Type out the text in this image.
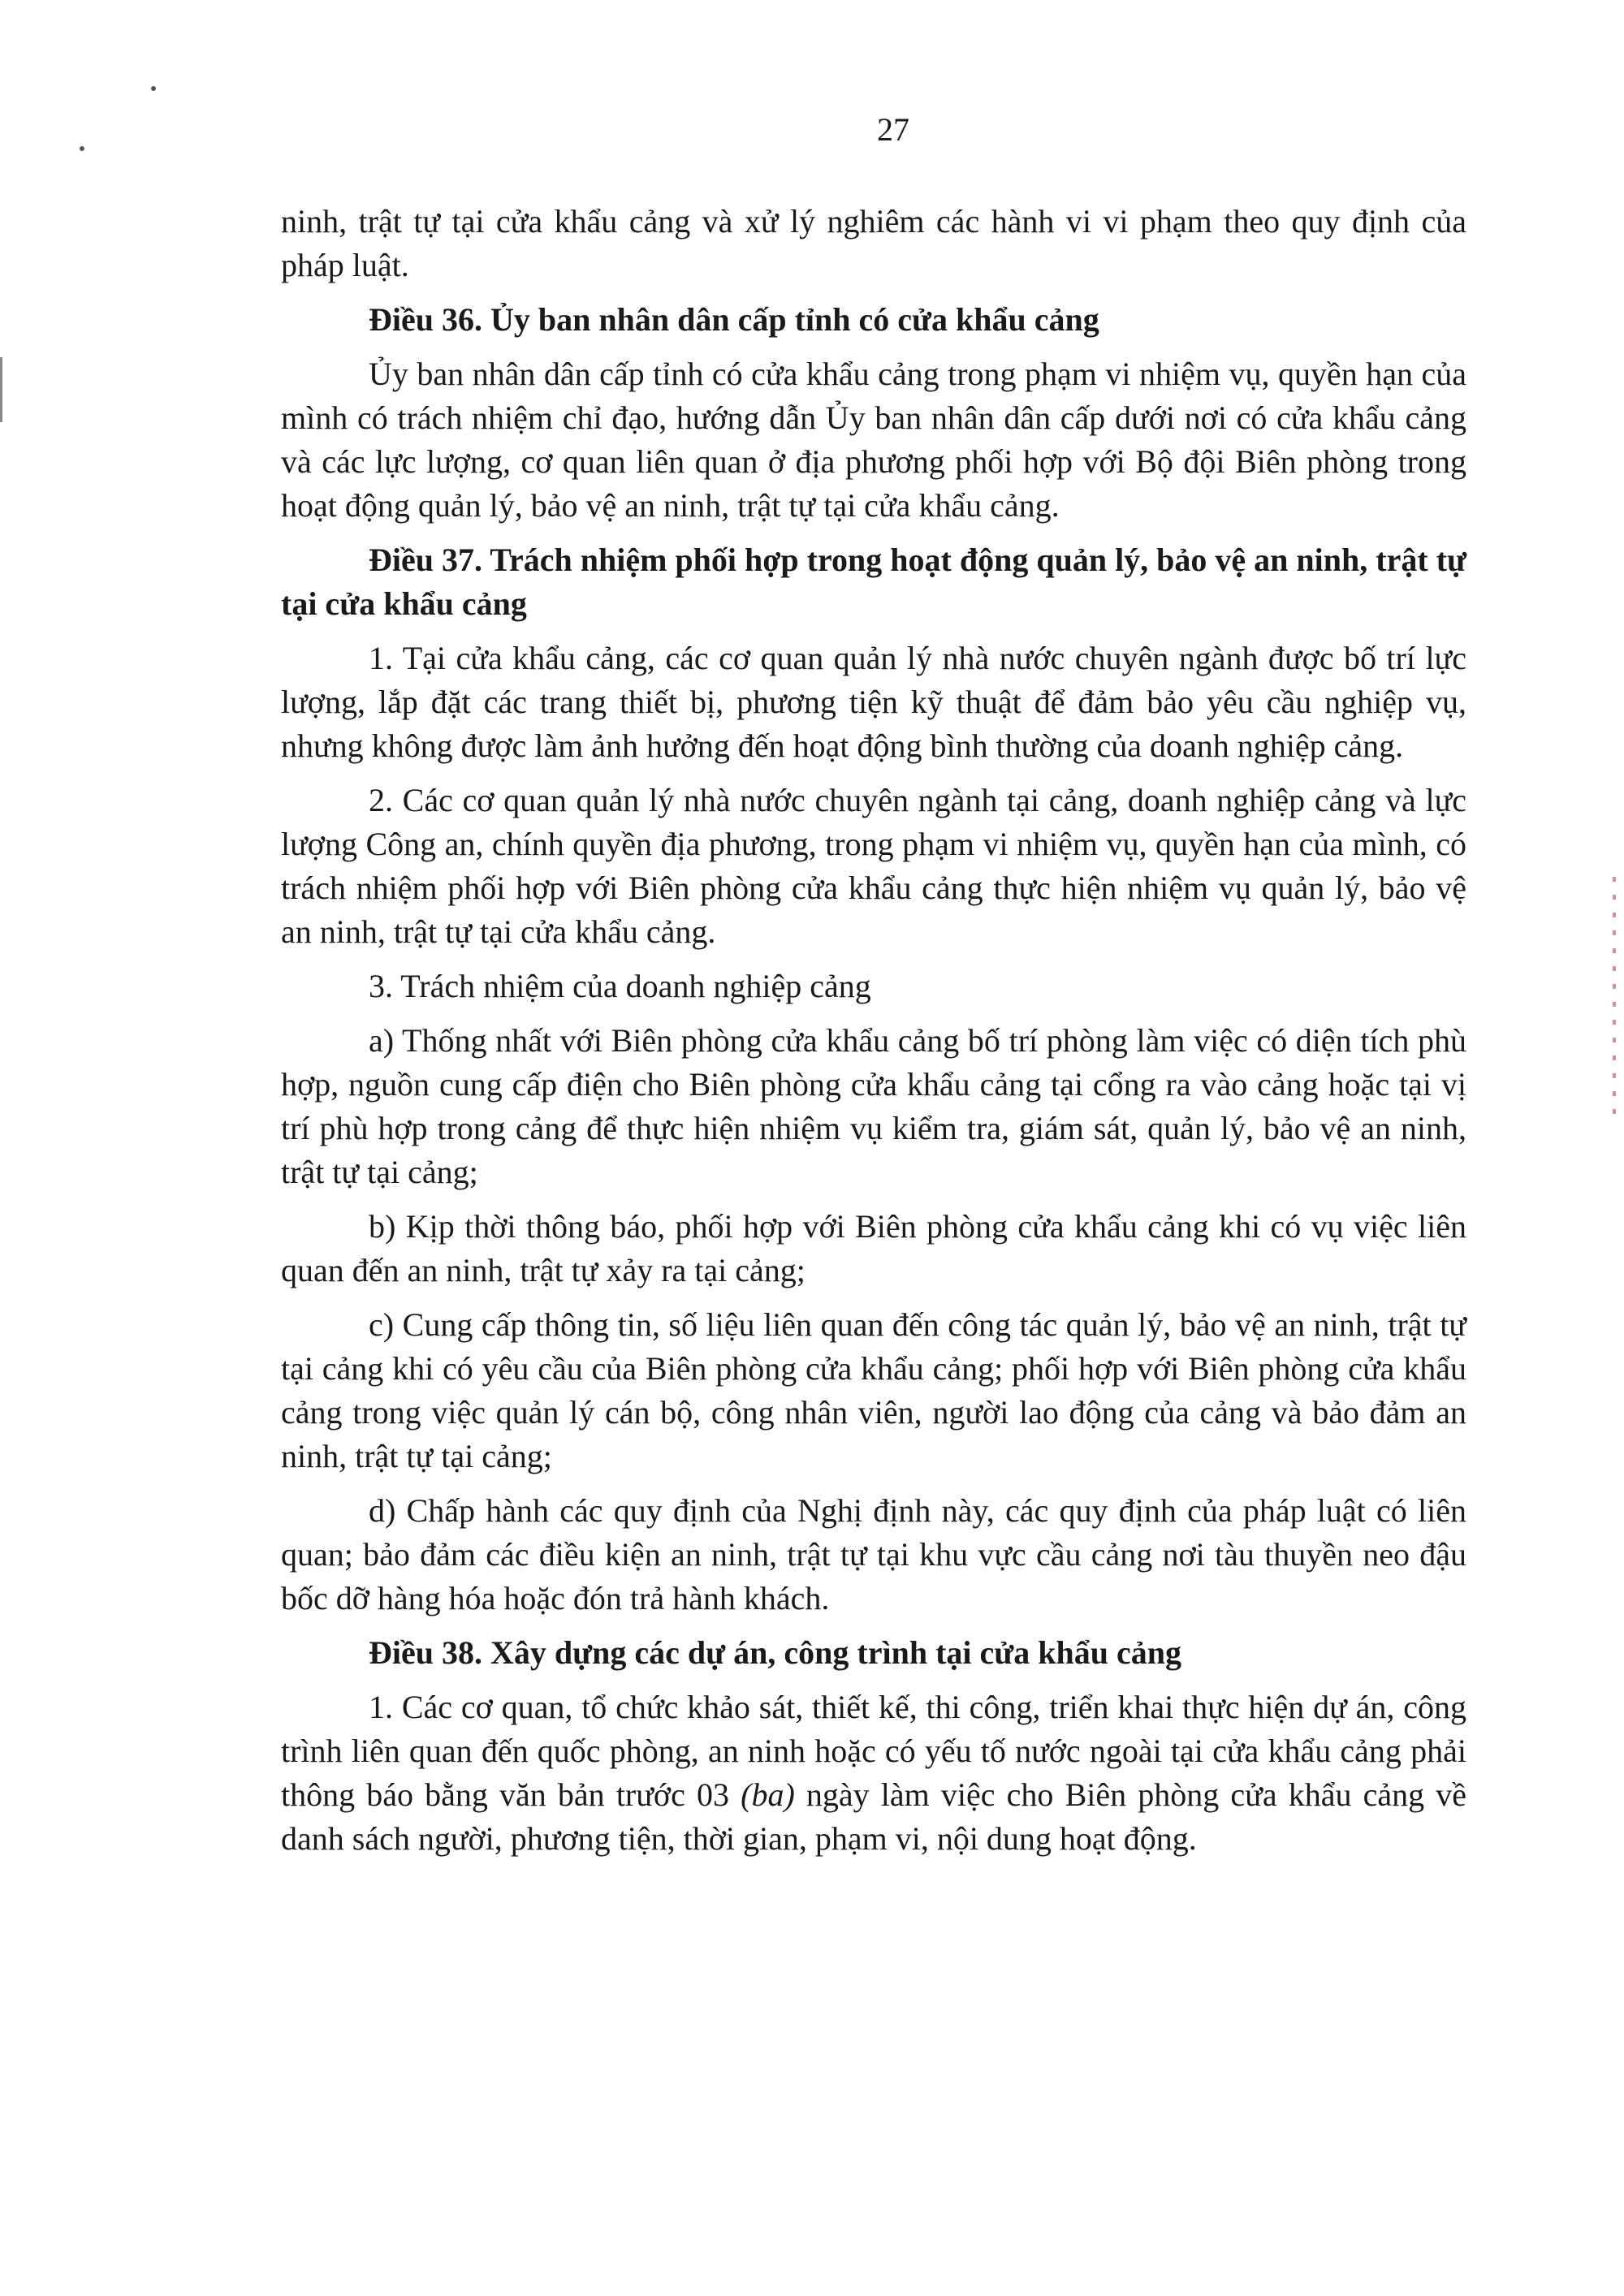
27

ninh, trật tự tại cửa khẩu cảng và xử lý nghiêm các hành vi vi phạm theo quy định của pháp luật.

Điều 36. Ủy ban nhân dân cấp tỉnh có cửa khẩu cảng

Ủy ban nhân dân cấp tỉnh có cửa khẩu cảng trong phạm vi nhiệm vụ, quyền hạn của mình có trách nhiệm chỉ đạo, hướng dẫn Ủy ban nhân dân cấp dưới nơi có cửa khẩu cảng và các lực lượng, cơ quan liên quan ở địa phương phối hợp với Bộ đội Biên phòng trong hoạt động quản lý, bảo vệ an ninh, trật tự tại cửa khẩu cảng.

Điều 37. Trách nhiệm phối hợp trong hoạt động quản lý, bảo vệ an ninh, trật tự tại cửa khẩu cảng

1. Tại cửa khẩu cảng, các cơ quan quản lý nhà nước chuyên ngành được bố trí lực lượng, lắp đặt các trang thiết bị, phương tiện kỹ thuật để đảm bảo yêu cầu nghiệp vụ, nhưng không được làm ảnh hưởng đến hoạt động bình thường của doanh nghiệp cảng.

2. Các cơ quan quản lý nhà nước chuyên ngành tại cảng, doanh nghiệp cảng và lực lượng Công an, chính quyền địa phương, trong phạm vi nhiệm vụ, quyền hạn của mình, có trách nhiệm phối hợp với Biên phòng cửa khẩu cảng thực hiện nhiệm vụ quản lý, bảo vệ an ninh, trật tự tại cửa khẩu cảng.

3. Trách nhiệm của doanh nghiệp cảng

a) Thống nhất với Biên phòng cửa khẩu cảng bố trí phòng làm việc có diện tích phù hợp, nguồn cung cấp điện cho Biên phòng cửa khẩu cảng tại cổng ra vào cảng hoặc tại vị trí phù hợp trong cảng để thực hiện nhiệm vụ kiểm tra, giám sát, quản lý, bảo vệ an ninh, trật tự tại cảng;

b) Kịp thời thông báo, phối hợp với Biên phòng cửa khẩu cảng khi có vụ việc liên quan đến an ninh, trật tự xảy ra tại cảng;

c) Cung cấp thông tin, số liệu liên quan đến công tác quản lý, bảo vệ an ninh, trật tự tại cảng khi có yêu cầu của Biên phòng cửa khẩu cảng; phối hợp với Biên phòng cửa khẩu cảng trong việc quản lý cán bộ, công nhân viên, người lao động của cảng và bảo đảm an ninh, trật tự tại cảng;

d) Chấp hành các quy định của Nghị định này, các quy định của pháp luật có liên quan; bảo đảm các điều kiện an ninh, trật tự tại khu vực cầu cảng nơi tàu thuyền neo đậu bốc dỡ hàng hóa hoặc đón trả hành khách.

Điều 38. Xây dựng các dự án, công trình tại cửa khẩu cảng

1. Các cơ quan, tổ chức khảo sát, thiết kế, thi công, triển khai thực hiện dự án, công trình liên quan đến quốc phòng, an ninh hoặc có yếu tố nước ngoài tại cửa khẩu cảng phải thông báo bằng văn bản trước 03 (ba) ngày làm việc cho Biên phòng cửa khẩu cảng về danh sách người, phương tiện, thời gian, phạm vi, nội dung hoạt động.
